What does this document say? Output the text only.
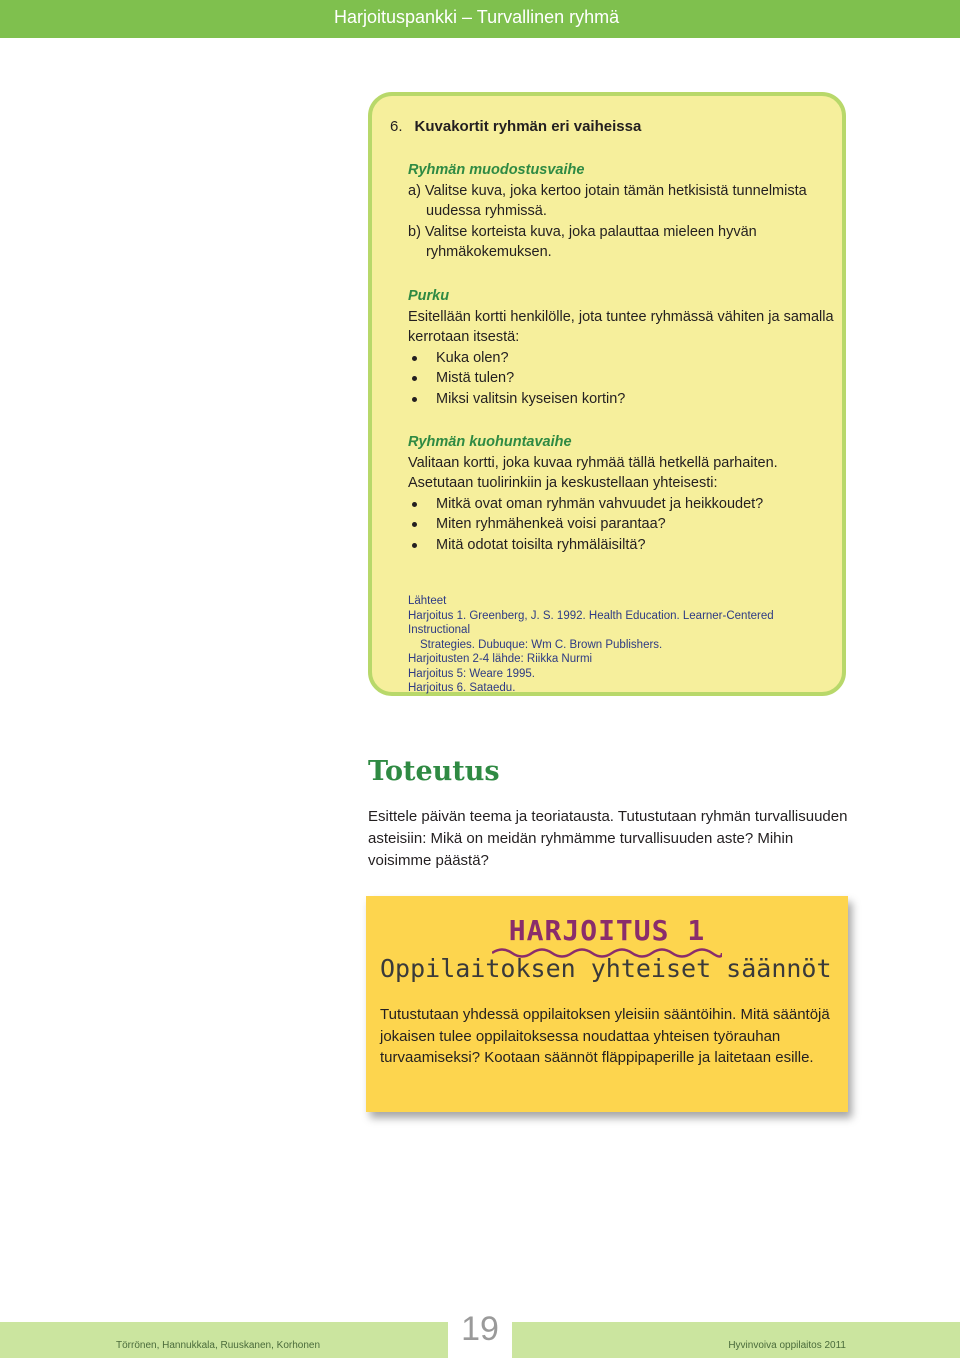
Harjoituspankki – Turvallinen ryhmä
6. Kuvakortit ryhmän eri vaiheissa
Ryhmän muodostusvaihe
a) Valitse kuva, joka kertoo jotain tämän hetkisistä tunnelmista uudessa ryhmissä.
b) Valitse korteista kuva, joka palauttaa mieleen hyvän ryhmäkokemuksen.
Purku
Esitellään kortti henkilölle, jota tuntee ryhmässä vähiten ja samalla kerrotaan itsestä:
Kuka olen?
Mistä tulen?
Miksi valitsin kyseisen kortin?
Ryhmän kuohuntavaihe
Valitaan kortti, joka kuvaa ryhmää tällä hetkellä parhaiten.
Asetutaan tuolirinkiin ja keskustellaan yhteisesti:
Mitkä ovat oman ryhmän vahvuudet ja heikkoudet?
Miten ryhmähenkeä voisi parantaa?
Mitä odotat toisilta ryhmäläisiltä?
Lähteet
Harjoitus 1. Greenberg, J. S. 1992. Health Education. Learner-Centered Instructional
Strategies. Dubuque: Wm C. Brown Publishers.
Harjoitusten 2-4 lähde: Riikka Nurmi
Harjoitus 5: Weare 1995.
Harjoitus 6. Sataedu.
Toteutus
Esittele päivän teema ja teoriatausta. Tutustutaan ryhmän turvallisuuden asteisiin: Mikä on meidän ryhmämme turvallisuuden aste? Mihin voisimme päästä?
HARJOITUS 1
Oppilaitoksen yhteiset säännöt
Tutustutaan yhdessä oppilaitoksen yleisiin sääntöihin. Mitä sääntöjä jokaisen tulee oppilaitoksessa noudattaa yhteisen työrauhan turvaamiseksi? Kootaan säännöt fläppipaperille ja laitetaan esille.
Törrönen, Hannukkala, Ruuskanen, Korhonen	19	Hyvinvoiva oppilaitos 2011
